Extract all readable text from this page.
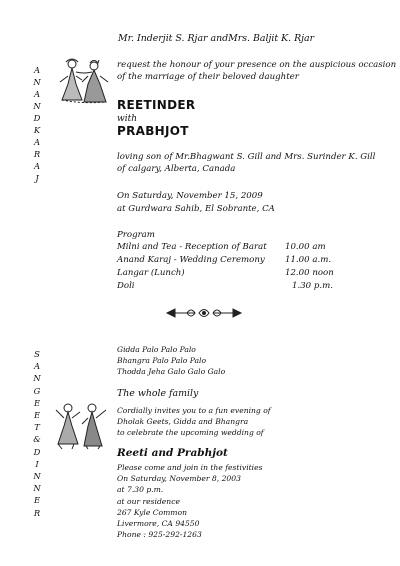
Mr. Inderjit S. Rjar andMrs. Baljit K. Rjar
A
N
A
N
D
K
A
R
A
J
S
A
N
G
E
E
T
&
D
I
N
N
E
R
request the honour of your presence on the auspicious occasion
of the marriage of their beloved daughter
REETINDER
with
PRABHJOT
loving son of Mr.Bhagwant S. Gill and Mrs. Surinder K. Gill
of calgary, Alberta, Canada
On Saturday, November 15, 2009
at Gurdwara Sahib, El Sobrante, CA
Program
Milni and Tea - Reception of Barat 10.00 am
Anand Karaj - Wedding Ceremony 11.00 a.m.
Langar (Lunch)	12.00 noon
Doli	1.30 p.m.
Gidda Palo Palo Palo
Bhangra Palo Palo Palo
Thodda Jeha Galo Galo Galo
The whole family
Cordially invites you to a fun evening of
Dholak Geets, Gidda and Bhangra
to celebrate the upcoming wedding of
Reeti and Prabhjot
Please come and join in the festivities
On Saturday, November 8, 2003
at 7.30 p.m.
at our residence
267 Kyle Common
Livermore, CA 94550
Phone : 925-292-1263
